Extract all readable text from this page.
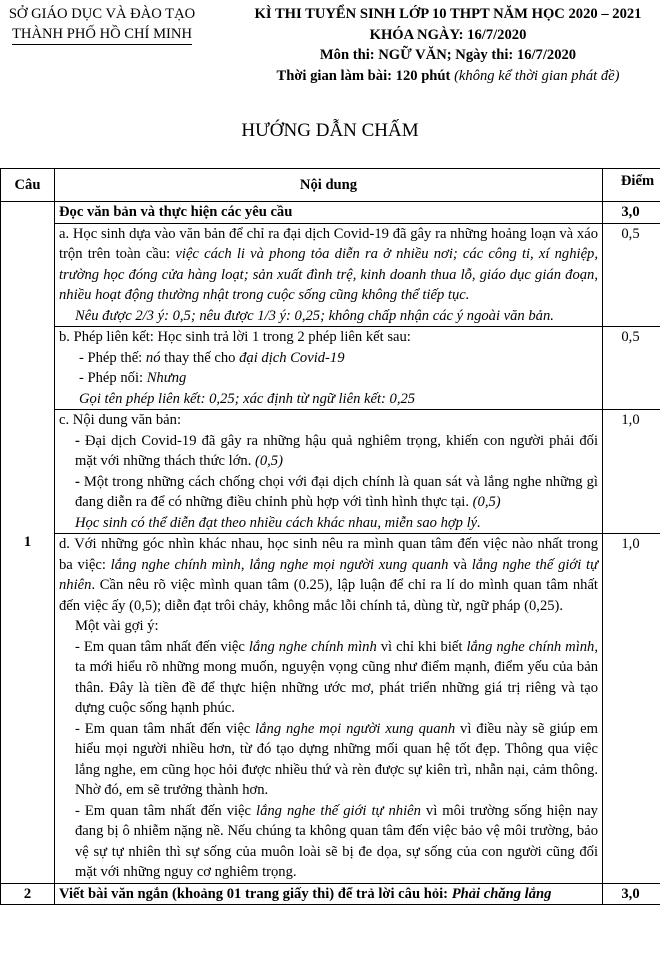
SỞ GIÁO DỤC VÀ ĐÀO TẠO
THÀNH PHỐ HỒ CHÍ MINH
KÌ THI TUYỂN SINH LỚP 10 THPT NĂM HỌC 2020 – 2021
KHÓA NGÀY: 16/7/2020
Môn thi: NGỮ VĂN; Ngày thi: 16/7/2020
Thời gian làm bài: 120 phút (không kể thời gian phát đề)
HƯỚNG DẪN CHẤM
Câu	Nội dung	Điểm
1	Đọc văn bản và thực hiện các yêu cầu	3,0

	a. Học sinh dựa vào văn bản để chỉ ra đại dịch Covid-19 đã gây ra những hoảng loạn và xáo trộn trên toàn cầu: việc cách li và phong tỏa diễn ra ở nhiều nơi; các công ti, xí nghiệp, trường học đóng cửa hàng loạt; sản xuất đình trệ, kinh doanh thua lỗ, giáo dục gián đoạn, nhiều hoạt động thường nhật trong cuộc sống cũng không thể tiếp tục.

Nêu được 2/3 ý: 0,5; nêu được 1/3 ý: 0,25; không chấp nhận các ý ngoài văn bản.	0,5

	b. Phép liên kết: Học sinh trả lời 1 trong 2 phép liên kết sau:

- Phép thế: nó thay thế cho đại dịch Covid-19

- Phép nối: Nhưng

Gọi tên phép liên kết: 0,25; xác định từ ngữ liên kết: 0,25	0,5

	c. Nội dung văn bản:

- Đại dịch Covid-19 đã gây ra những hậu quả nghiêm trọng, khiến con người phải đối mặt với những thách thức lớn. (0,5)

- Một trong những cách chống chọi với đại dịch chính là quan sát và lắng nghe những gì đang diễn ra để có những điều chỉnh phù hợp với tình hình thực tại. (0,5)

Học sinh có thể diễn đạt theo nhiều cách khác nhau, miễn sao hợp lý.	1,0

	d. Với những góc nhìn khác nhau, học sinh nêu ra mình quan tâm đến việc nào nhất trong ba việc: lắng nghe chính mình, lắng nghe mọi người xung quanh và lắng nghe thế giới tự nhiên. Cần nêu rõ việc mình quan tâm (0.25), lập luận để chỉ ra lí do mình quan tâm nhất đến việc ấy (0,5); diễn đạt trôi chảy, không mắc lỗi chính tả, dùng từ, ngữ pháp (0,25).

Một vài gợi ý:

- Em quan tâm nhất đến việc lắng nghe chính mình vì chỉ khi biết lắng nghe chính mình, ta mới hiểu rõ những mong muốn, nguyện vọng cũng như điểm mạnh, điểm yếu của bản thân. Đây là tiền đề để thực hiện những ước mơ, phát triển những giá trị riêng và tạo dựng cuộc sống hạnh phúc.

- Em quan tâm nhất đến việc lắng nghe mọi người xung quanh vì điều này sẽ giúp em hiểu mọi người nhiều hơn, từ đó tạo dựng những mối quan hệ tốt đẹp. Thông qua việc lắng nghe, em cũng học hỏi được nhiều thứ và rèn được sự kiên trì, nhẫn nại, cảm thông. Nhờ đó, em sẽ trưởng thành hơn.

- Em quan tâm nhất đến việc lắng nghe thế giới tự nhiên vì môi trường sống hiện nay đang bị ô nhiễm nặng nề. Nếu chúng ta không quan tâm đến việc bảo vệ môi trường, bảo vệ sự tự nhiên thì sự sống của muôn loài sẽ bị đe dọa, sự sống của con người cũng đối mặt với những nguy cơ nghiêm trọng.	1,0
2	Viết bài văn ngắn (khoảng 01 trang giấy thi) để trả lời câu hỏi: Phải chăng lắng	3,0
